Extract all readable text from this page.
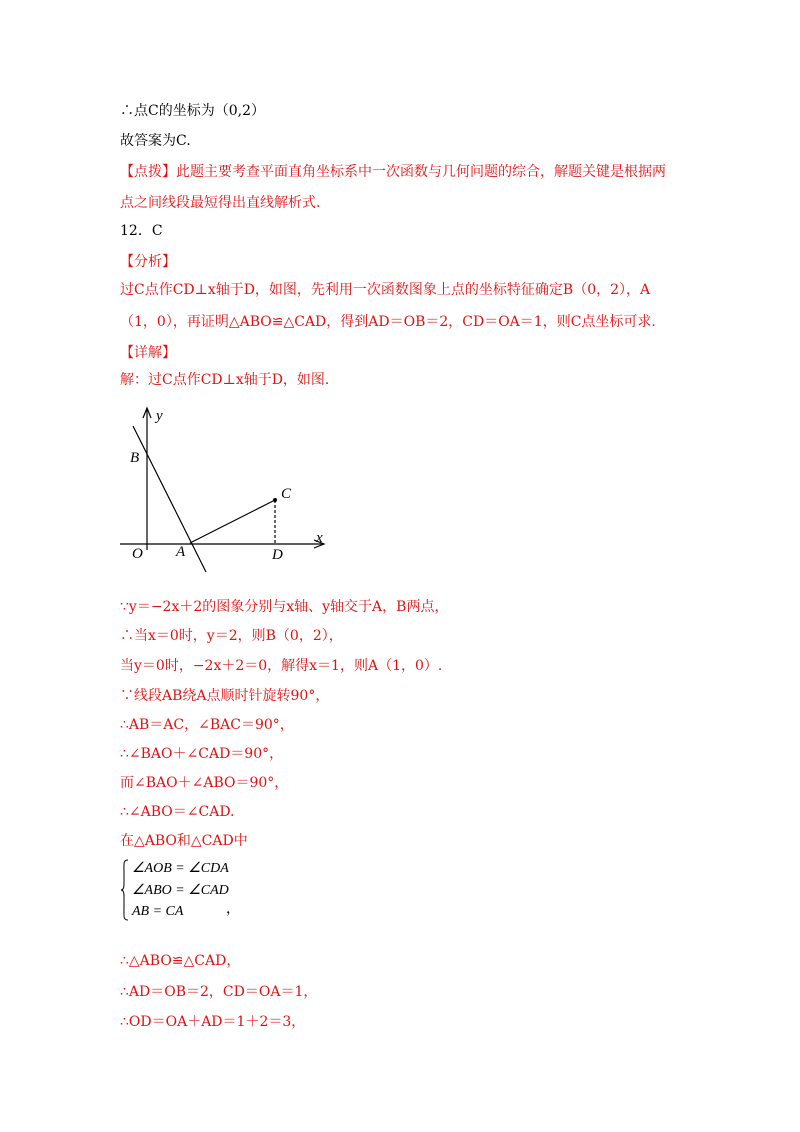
∴点C的坐标为（0,2）
故答案为C.
【点拨】此题主要考查平面直角坐标系中一次函数与几何问题的综合，解题关键是根据两
点之间线段最短得出直线解析式.
12．C
【分析】
过C点作CD⊥x轴于D，如图，先利用一次函数图象上点的坐标特征确定B（0，2），A
（1，0），再证明△ABO≌△CAD，得到AD＝OB＝2，CD＝OA＝1，则C点坐标可求.
【详解】
解：过C点作CD⊥x轴于D，如图.
y
x
B
C
O A	D
∵y＝−2x＋2的图象分别与x轴、y轴交于A，B两点，
∴当x＝0时，y＝2，则B（0，2），
当y＝0时，−2x＋2＝0，解得x＝1，则A（1，0）.
∵线段AB绕A点顺时针旋转90°，
∴AB＝AC，∠BAC＝90°，
∴∠BAO＋∠CAD＝90°，
而∠BAO＋∠ABO＝90°，
∴∠ABO＝∠CAD.
在△ABO和△CAD中
∠AOB = ∠CDA
∠ABO = ∠CAD
AB = CA	，
∴△ABO≌△CAD，
∴AD＝OB＝2，CD＝OA＝1，
∴OD＝OA＋AD＝1＋2＝3，
